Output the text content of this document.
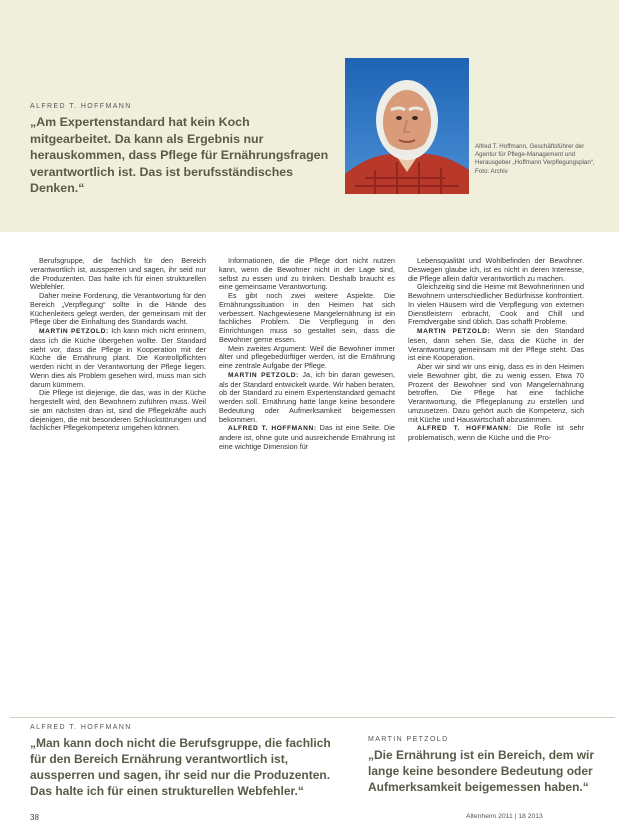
ALFRED T. HOFFMANN
„Am Expertenstandard hat kein Koch mitgearbeitet. Da kann als Ergebnis nur herauskommen, dass Pflege für Ernährungsfragen verantwortlich ist. Das ist berufsständisches Denken.“
Alfred T. Hoffmann, Geschäftsführer der Agentur für Pflege-Management und Herausgeber „Hoffmann Verpflegungsplan“, Foto: Archiv

Berufsgruppe, die fachlich für den Bereich verantwortlich ist, aussperren und sagen, ihr seid nur die Produzenten. Das halte ich für einen strukturellen Webfehler.

Daher meine Forderung, die Verantwortung für den Bereich „Verpflegung“ sollte in die Hände des Küchenleiters gelegt werden, der gemeinsam mit der Pflege über die Einhaltung des Standards wacht.

MARTIN PETZOLD: Ich kann mich nicht erinnern, dass ich die Küche übergehen wollte. Der Standard sieht vor, dass die Pflege in Kooperation mit der Küche die Ernährung plant. Die Kontrollpflichten werden nicht in der Verantwortung der Pflege liegen. Wenn dies als Problem gesehen wird, muss man sich darum kümmern.

Die Pflege ist diejenige, die das, was in der Küche hergestellt wird, den Bewohnern zuführen muss. Weil sie am nächsten dran ist, sind die Pflegekräfte auch diejenigen, die mit besonderen Schluckstörungen und fachlicher Pflegekompetenz umgehen können.

Informationen, die die Pflege dort nicht nutzen kann, wenn die Bewohner nicht in der Lage sind, selbst zu essen und zu trinken. Deshalb braucht es eine gemeinsame Verantwortung.

Es gibt noch zwei weitere Aspekte. Die Ernährungssituation in den Heimen hat sich verbessert. Nachgewiesene Mangelernährung ist ein fachliches Problem. Die Verpflegung in den Einrichtungen muss so gestaltet sein, dass die Bewohner gerne essen.

Mein zweites Argument: Weil die Bewohner immer älter und pflegebedürftiger werden, ist die Ernährung eine zentrale Aufgabe der Pflege.

MARTIN PETZOLD: Ja, ich bin daran gewesen, als der Standard entwickelt wurde. Wir haben beraten, ob der Standard zu einem Expertenstandard gemacht werden soll. Ernährung hatte lange keine besondere Bedeutung oder Aufmerksamkeit beigemessen bekommen.

ALFRED T. HOFFMANN: Das ist eine Seite. Die andere ist, ohne gute und ausreichende Ernährung ist eine wichtige Dimension für

Lebensqualität und Wohlbefinden der Bewohner. Deswegen glaube ich, ist es nicht in deren Interesse, die Pflege allein dafür verantwortlich zu machen.

Gleichzeitig sind die Heime mit Bewohnerinnen und Bewohnern unterschiedlicher Bedürfnisse konfrontiert. In vielen Häusern wird die Verpflegung von externen Dienstleistern erbracht, Cook and Chill und Fremdvergabe sind üblich. Das schafft Probleme.

MARTIN PETZOLD: Wenn sie den Standard lesen, dann sehen Sie, dass die Küche in der Verantwortung gemeinsam mit der Pflege steht. Das ist eine Kooperation.

Aber wir sind wir uns einig, dass es in den Heimen viele Bewohner gibt, die zu wenig essen. Etwa 70 Prozent der Bewohner sind von Mangelernährung betroffen. Die Pflege hat eine fachliche Verantwortung, die Pflegeplanung zu erstellen und umzusetzen. Dazu gehört auch die Kompetenz, sich mit Küche und Hauswirtschaft abzustimmen.

ALFRED T. HOFFMANN: Die Rolle ist sehr problematisch, wenn die Küche und die Pro-

ALFRED T. HOFFMANN
„Man kann doch nicht die Berufsgruppe, die fachlich für den Bereich Ernährung verantwortlich ist, aussperren und sagen, ihr seid nur die Produzenten. Das halte ich für einen strukturellen Webfehler.“
MARTIN PETZOLD
„Die Ernährung ist ein Bereich, dem wir lange keine besondere Bedeutung oder Aufmerksamkeit beigemessen haben.“
38	Altenheim 2011 | 18 2013
